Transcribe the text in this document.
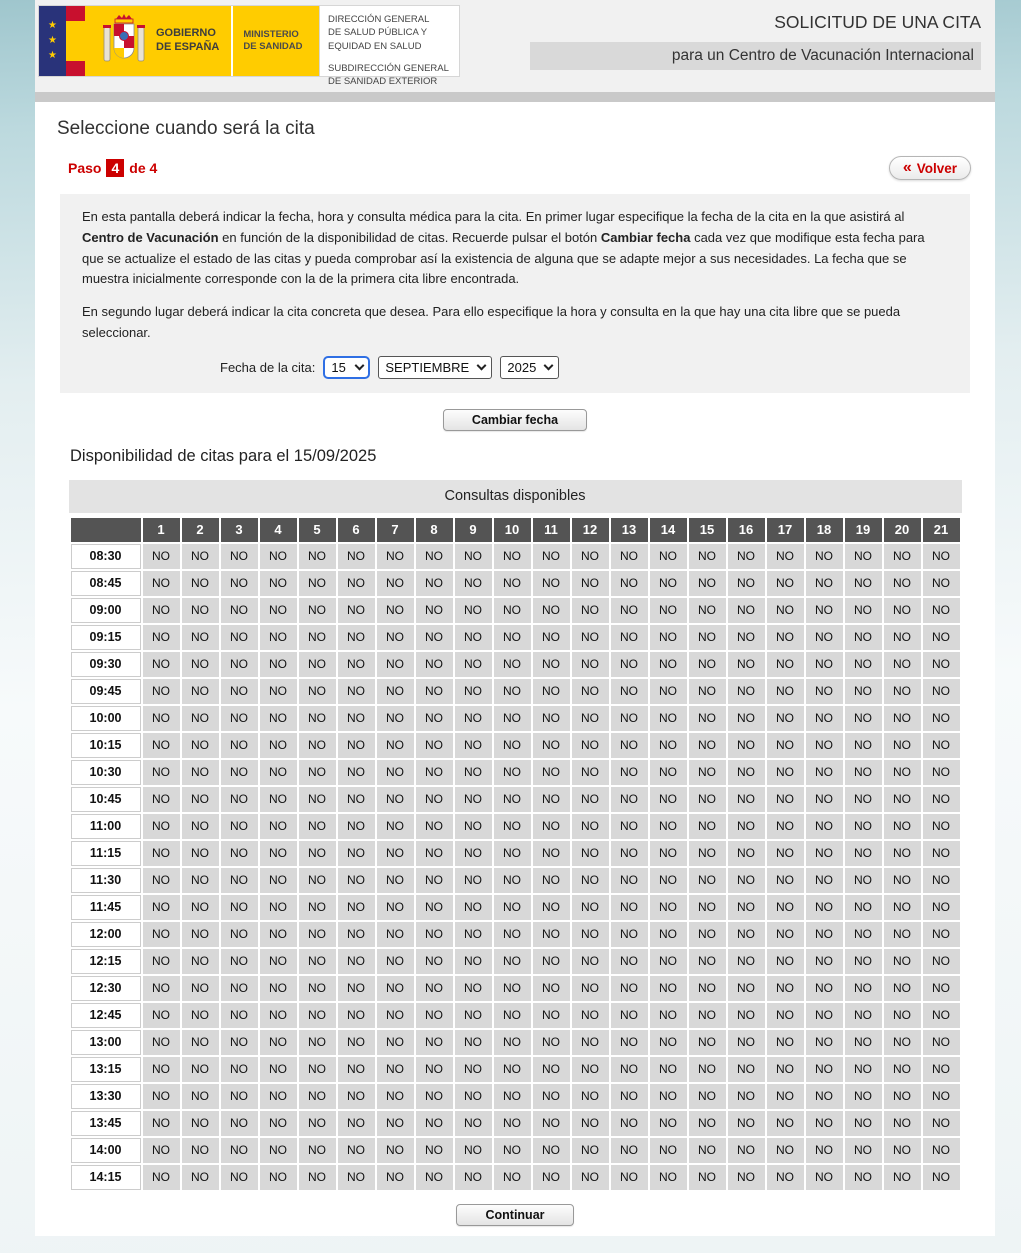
★
★
★
GOBIERNO
DE ESPAÑA
MINISTERIO
DE SANIDAD
DIRECCIÓN GENERAL
DE SALUD PÚBLICA Y
EQUIDAD EN SALUD
SUBDIRECCIÓN GENERAL
DE SANIDAD EXTERIOR
SOLICITUD DE UNA CITA
para un Centro de Vacunación Internacional
Seleccione cuando será la cita
Paso 4 de 4	« Volver

En esta pantalla deberá indicar la fecha, hora y consulta médica para la cita. En primer lugar especifique la fecha de la cita en la que asistirá al Centro de Vacunación en función de la disponibilidad de citas. Recuerde pulsar el botón Cambiar fecha cada vez que modifique esta fecha para que se actualize el estado de las citas y pueda comprobar así la existencia de alguna que se adapte mejor a sus necesidades. La fecha que se muestra inicialmente corresponde con la de la primera cita libre encontrada.

En segundo lugar deberá indicar la cita concreta que desea. Para ello especifique la hora y consulta en la que hay una cita libre que se pueda seleccionar.

Fecha de la cita:
15
SEPTIEMBRE
2025
Cambiar fecha
Disponibilidad de citas para el 15/09/2025
Consultas disponibles
	1	2	3	4	5	6	7	8	9	10	11	12	13	14	15	16	17	18	19	20	21
08:30	NO	NO	NO	NO	NO	NO	NO	NO	NO	NO	NO	NO	NO	NO	NO	NO	NO	NO	NO	NO	NO
08:45	NO	NO	NO	NO	NO	NO	NO	NO	NO	NO	NO	NO	NO	NO	NO	NO	NO	NO	NO	NO	NO
09:00	NO	NO	NO	NO	NO	NO	NO	NO	NO	NO	NO	NO	NO	NO	NO	NO	NO	NO	NO	NO	NO
09:15	NO	NO	NO	NO	NO	NO	NO	NO	NO	NO	NO	NO	NO	NO	NO	NO	NO	NO	NO	NO	NO
09:30	NO	NO	NO	NO	NO	NO	NO	NO	NO	NO	NO	NO	NO	NO	NO	NO	NO	NO	NO	NO	NO
09:45	NO	NO	NO	NO	NO	NO	NO	NO	NO	NO	NO	NO	NO	NO	NO	NO	NO	NO	NO	NO	NO
10:00	NO	NO	NO	NO	NO	NO	NO	NO	NO	NO	NO	NO	NO	NO	NO	NO	NO	NO	NO	NO	NO
10:15	NO	NO	NO	NO	NO	NO	NO	NO	NO	NO	NO	NO	NO	NO	NO	NO	NO	NO	NO	NO	NO
10:30	NO	NO	NO	NO	NO	NO	NO	NO	NO	NO	NO	NO	NO	NO	NO	NO	NO	NO	NO	NO	NO
10:45	NO	NO	NO	NO	NO	NO	NO	NO	NO	NO	NO	NO	NO	NO	NO	NO	NO	NO	NO	NO	NO
11:00	NO	NO	NO	NO	NO	NO	NO	NO	NO	NO	NO	NO	NO	NO	NO	NO	NO	NO	NO	NO	NO
11:15	NO	NO	NO	NO	NO	NO	NO	NO	NO	NO	NO	NO	NO	NO	NO	NO	NO	NO	NO	NO	NO
11:30	NO	NO	NO	NO	NO	NO	NO	NO	NO	NO	NO	NO	NO	NO	NO	NO	NO	NO	NO	NO	NO
11:45	NO	NO	NO	NO	NO	NO	NO	NO	NO	NO	NO	NO	NO	NO	NO	NO	NO	NO	NO	NO	NO
12:00	NO	NO	NO	NO	NO	NO	NO	NO	NO	NO	NO	NO	NO	NO	NO	NO	NO	NO	NO	NO	NO
12:15	NO	NO	NO	NO	NO	NO	NO	NO	NO	NO	NO	NO	NO	NO	NO	NO	NO	NO	NO	NO	NO
12:30	NO	NO	NO	NO	NO	NO	NO	NO	NO	NO	NO	NO	NO	NO	NO	NO	NO	NO	NO	NO	NO
12:45	NO	NO	NO	NO	NO	NO	NO	NO	NO	NO	NO	NO	NO	NO	NO	NO	NO	NO	NO	NO	NO
13:00	NO	NO	NO	NO	NO	NO	NO	NO	NO	NO	NO	NO	NO	NO	NO	NO	NO	NO	NO	NO	NO
13:15	NO	NO	NO	NO	NO	NO	NO	NO	NO	NO	NO	NO	NO	NO	NO	NO	NO	NO	NO	NO	NO
13:30	NO	NO	NO	NO	NO	NO	NO	NO	NO	NO	NO	NO	NO	NO	NO	NO	NO	NO	NO	NO	NO
13:45	NO	NO	NO	NO	NO	NO	NO	NO	NO	NO	NO	NO	NO	NO	NO	NO	NO	NO	NO	NO	NO
14:00	NO	NO	NO	NO	NO	NO	NO	NO	NO	NO	NO	NO	NO	NO	NO	NO	NO	NO	NO	NO	NO
14:15	NO	NO	NO	NO	NO	NO	NO	NO	NO	NO	NO	NO	NO	NO	NO	NO	NO	NO	NO	NO	NO
Continuar
